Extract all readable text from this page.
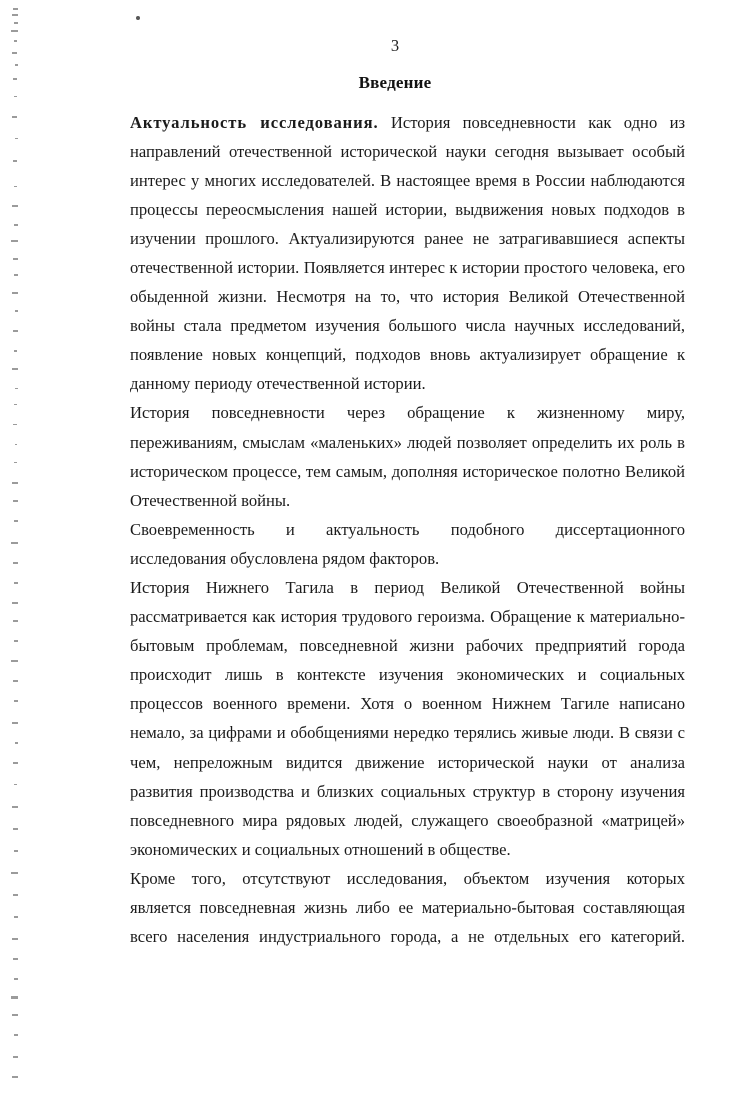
3
Введение

Актуальность исследования. История повседневности как одно из
направлений отечественной исторической науки сегодня вызывает особый
интерес у многих исследователей. В настоящее время в России наблюдаются
процессы переосмысления нашей истории, выдвижения новых подходов в
изучении прошлого. Актуализируются ранее не затрагивавшиеся аспекты
отечественной истории. Появляется интерес к истории простого человека, его
обыденной жизни. Несмотря на то, что история Великой Отечественной
войны стала предметом изучения большого числа научных исследований,
появление новых концепций, подходов вновь актуализирует обращение к
данному периоду отечественной истории.

История повседневности через обращение к жизненному миру,
переживаниям, смыслам «маленьких» людей позволяет определить их роль в
историческом процессе, тем самым, дополняя историческое полотно Великой
Отечественной войны.

Своевременность и актуальность подобного диссертационного
исследования обусловлена рядом факторов.

История Нижнего Тагила в период Великой Отечественной войны
рассматривается как история трудового героизма. Обращение к материально-
бытовым проблемам, повседневной жизни рабочих предприятий города
происходит лишь в контексте изучения экономических и социальных
процессов военного времени. Хотя о военном Нижнем Тагиле написано
немало, за цифрами и обобщениями нередко терялись живые люди. В связи с
чем, непреложным видится движение исторической науки от анализа
развития производства и близких социальных структур в сторону изучения
повседневного мира рядовых людей, служащего своеобразной «матрицей»
экономических и социальных отношений в обществе.

Кроме того, отсутствуют исследования, объектом изучения которых
является повседневная жизнь либо ее материально-бытовая составляющая
всего населения индустриального города, а не отдельных его категорий.
